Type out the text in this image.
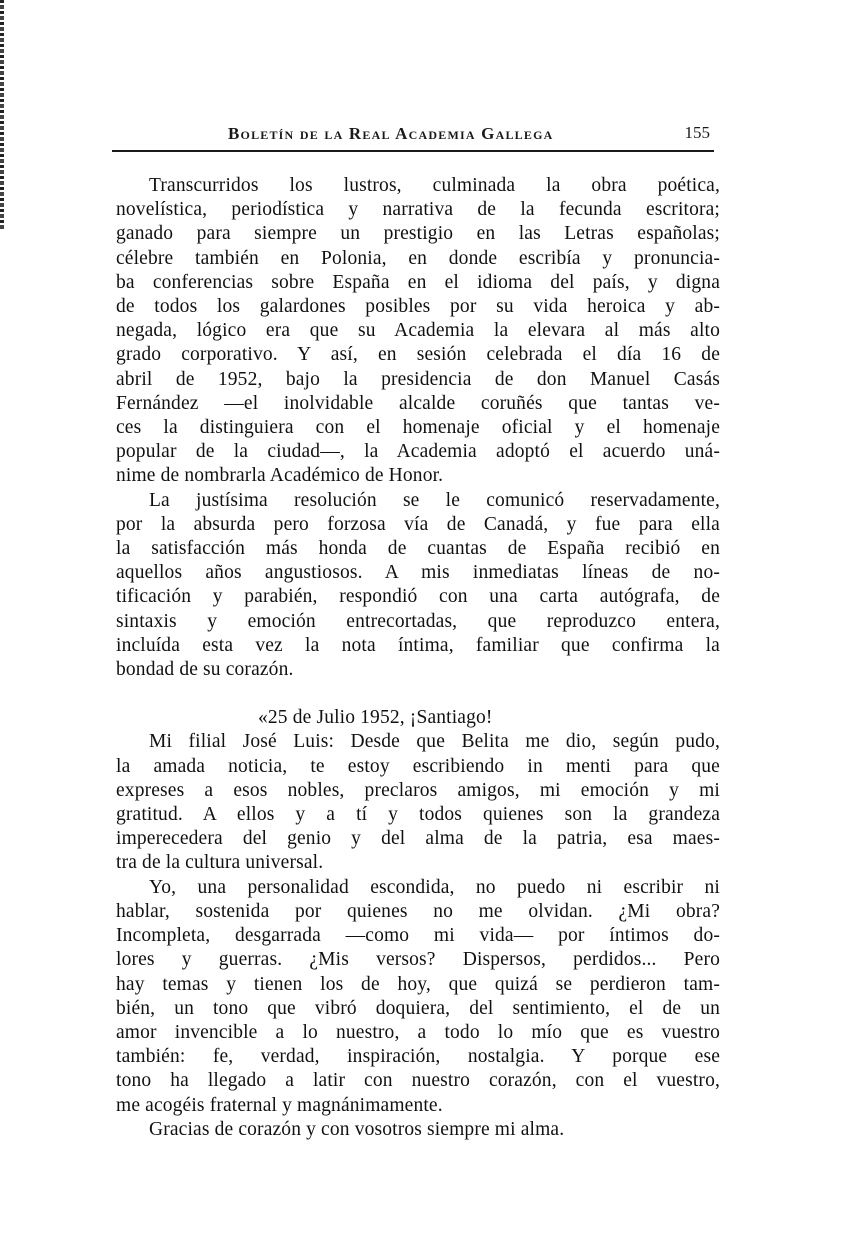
Boletín de la Real Academia Gallega	155
Transcurridos los lustros, culminada la obra poética,
novelística, periodística y narrativa de la fecunda escritora;
ganado para siempre un prestigio en las Letras españolas;
célebre también en Polonia, en donde escribía y pronuncia-
ba conferencias sobre España en el idioma del país, y digna
de todos los galardones posibles por su vida heroica y ab-
negada, lógico era que su Academia la elevara al más alto
grado corporativo. Y así, en sesión celebrada el día 16 de
abril de 1952, bajo la presidencia de don Manuel Casás
Fernández —el inolvidable alcalde coruñés que tantas ve-
ces la distinguiera con el homenaje oficial y el homenaje
popular de la ciudad—, la Academia adoptó el acuerdo uná-
nime de nombrarla Académico de Honor.
La justísima resolución se le comunicó reservadamente,
por la absurda pero forzosa vía de Canadá, y fue para ella
la satisfacción más honda de cuantas de España recibió en
aquellos años angustiosos. A mis inmediatas líneas de no-
tificación y parabién, respondió con una carta autógrafa, de
sintaxis y emoción entrecortadas, que reproduzco entera,
incluída esta vez la nota íntima, familiar que confirma la
bondad de su corazón.
«25 de Julio 1952, ¡Santiago!
Mi filial José Luis: Desde que Belita me dio, según pudo,
la amada noticia, te estoy escribiendo in menti para que
expreses a esos nobles, preclaros amigos, mi emoción y mi
gratitud. A ellos y a tí y todos quienes son la grandeza
imperecedera del genio y del alma de la patria, esa maes-
tra de la cultura universal.
Yo, una personalidad escondida, no puedo ni escribir ni
hablar, sostenida por quienes no me olvidan. ¿Mi obra?
Incompleta, desgarrada —como mi vida— por íntimos do-
lores y guerras. ¿Mis versos? Dispersos, perdidos... Pero
hay temas y tienen los de hoy, que quizá se perdieron tam-
bién, un tono que vibró doquiera, del sentimiento, el de un
amor invencible a lo nuestro, a todo lo mío que es vuestro
también: fe, verdad, inspiración, nostalgia. Y porque ese
tono ha llegado a latir con nuestro corazón, con el vuestro,
me acogéis fraternal y magnánimamente.
Gracias de corazón y con vosotros siempre mi alma.
